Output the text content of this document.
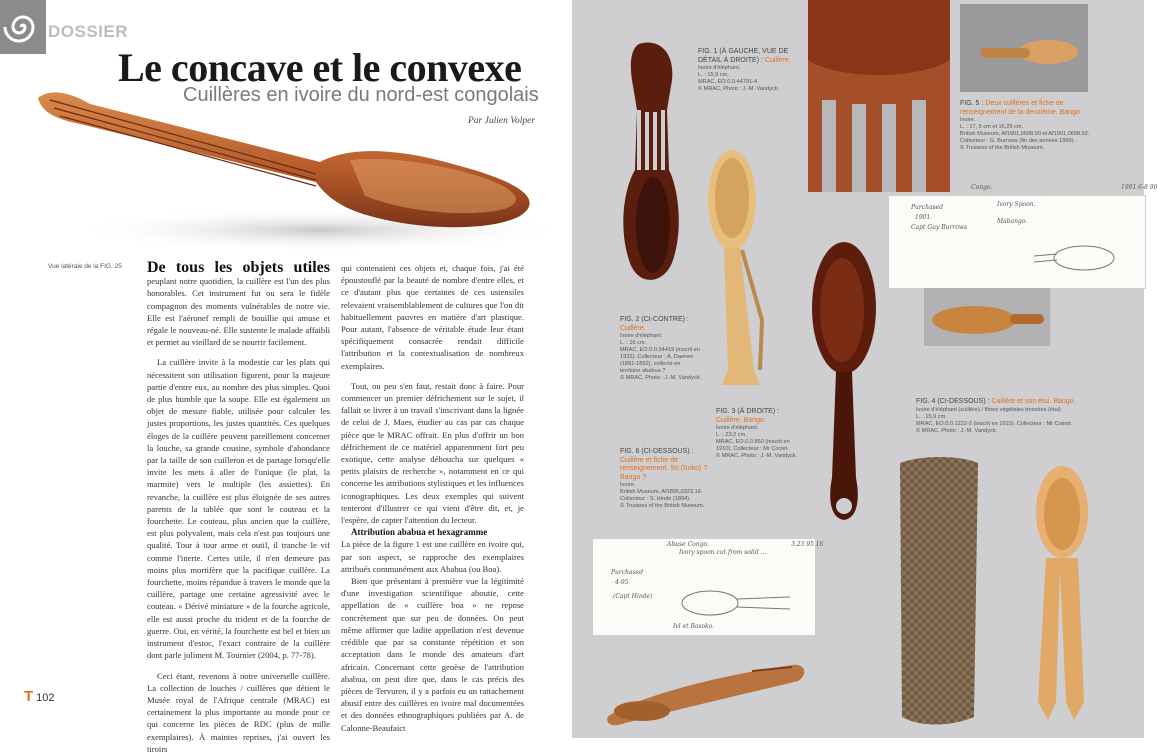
DOSSIER
Le concave et le convexe
Cuillères en ivoire du nord-est congolais
Par Julien Volper
Vue latérale de la FIG. 25 De tous les objets utiles peuplant notre quotidien, la cuillère est l'un des plus honorables. Cet instrument fut ou sera le fidèle compagnon des moments vulnérables de notre vie. Elle est l'aéronef rempli de bouillie qui amuse et régale le nouveau-né. Elle sustente le malade affaibli et permet au vieillard de se nourrir facilement.

La cuillère invite à la modestie car les plats qui nécessitent son utilisation figurent, pour la majeure partie d'entre eux, au nombre des plus simples. Quoi de plus humble que la soupe. Elle est également un objet de mesure fiable, utilisée pour calculer les justes proportions, les justes quantités. Ces quelques éloges de la cuillère peuvent pareillement concerner la louche, sa grande cousine, symbole d'abondance par la taille de son cuilleron et de partage lorsqu'elle invite les mets à aller de l'unique (le plat, la marmite) vers le multiple (les assiettes). En revanche, la cuillère est plus éloignée de ses autres parents de la tablée que sont le couteau et la fourchette. Le couteau, plus ancien que la cuillère, est plus polyvalent, mais cela n'est pas toujours une qualité. Tour à tour arme et outil, il tranche le vif comme l'inerte. Certes utile, il n'en demeure pas moins plus mortifère que la pacifique cuillère. La fourchette, moins répandue à travers le monde que la cuillère, partage une certaine agressivité avec le couteau. « Dérivé miniature » de la fourche agricole, elle est aussi proche du trident et de la fourche de guerre. Oui, en vérité, la fourchette est bel et bien un instrument d'estoc, l'exact contraire de la cuillère dont parle joliment M. Tournier (2004, p. 77-78).

Ceci étant, revenons à notre universelle cuillère. La collection de louches / cuillères que détient le Musée royal de l'Afrique centrale (MRAC) est certainement la plus importante au monde pour ce qui concerne les pièces de RDC (plus de mille exemplaires). À maintes reprises, j'ai ouvert les tiroirs

qui contenaient ces objets et, chaque fois, j'ai été époustouflé par la beauté de nombre d'entre elles, et ce d'autant plus que certaines de ces ustensiles relevaient vraisemblablement de cultures que l'on dit habituellement pauvres en matière d'art plastique. Pour autant, l'absence de véritable étude leur étant spécifiquement consacrée rendait difficile l'attribution et la contextualisation de nombreux exemplaires.

Tout, ou peu s'en faut, restait donc à faire. Pour commencer un premier défrichement sur le sujet, il fallait se livrer à un travail s'inscrivant dans la lignée de celui de J. Maes, étudier au cas par cas chaque pièce que le MRAC offrait. En plus d'offrir un bon défrichement de ce matériel apparemment fort peu exotique, cette analyse déboucha sur quelques « petits plaisirs de recherche », notamment en ce qui concerne les attributions stylistiques et les influences iconographiques. Les deux exemples qui suivent tenteront d'illustrer ce qui vient d'être dit, et, je l'espère, de capter l'attention du lecteur.

Attribution ababua et hexagramme

La pièce de la figure 1 est une cuillère en ivoire qui, par son aspect, se rapproche des exemplaires attribués communément aux Ababua (ou Boa).

Bien que présentant à première vue la légitimité d'une investigation scientifique aboutie, cette appellation de « cuillère boa » ne repose concrètement que sur peu de données. On peut même affirmer que ladite appellation n'est devenue crédible que par sa constante répétition et son acceptation dans le monde des amateurs d'art africain. Concernant cette genèse de l'attribution ababua, on peut dire que, dans le cas précis des pièces de Tervuren, il y a parfois eu un rattachement abusif entre des cuillères en ivoire mal documentées et des données ethnographiques publiées par A. de Calonne-Beaufaict

T 102
FIG. 1 (À GAUCHE, VUE DE DÉTAIL À DROITE) : Cuillère.
Ivoire d'éléphant.
L. : 15,9 cm.
MRAC, EO.0.0.44791-4
© MRAC, Photo : J.-M. Vandyck.
FIG. 5 : Deux cuillères et fiche de renseignement de la deuxième. Bango.
Ivoire.
L. : 17, 5 cm et 16,25 cm.
British Museum, Af1901,0608.90 et Af1901,0608.92.
Collecteur : G. Burrows (fin des années 1890).
© Trustees of the British Museum.
Congo.
Ivory Spoon.
Purchased
1901.
Capt Guy Burrows
Mabango.
1901 6-8 90
FIG. 2 (CI-CONTRE) :
Cuillère.
Ivoire d'éléphant.
L. : 16 cm.
MRAC, EO.0.0.34419 (inscrit en 1932). Collecteur : A. Daenen (1891-1892), collecté en territoire ababua ?
© MRAC, Photo : J.-M. Vandyck.
FIG. 3 (À DROITE) :
Cuillère. Bango.
Ivoire d'éléphant.
L. : 23,2 cm.
MRAC, EO.0.0.850 (inscrit en 1910). Collecteur : Mr Coclet.
© MRAC, Photo : J.-M. Vandyck.
FIG. 4 (CI-DESSOUS) : Cuillère et son étui. Bango.
Ivoire d'éléphant (cuillère) / fibres végétales tressées (étui).
L. : 15,9 cm.
MRAC, EO.0.0.1222-2 (inscrit en 1910). Collecteur : Mr Coinot.
© MRAC, Photo : J.-M. Vandyck.
FIG. 6 (CI-DESSOUS) :
Cuillère et fiche de renseignement. So (Soko) ? Bango ?
Ivoire.
British Museum, Af1895,0323.16.
Collecteur : S. Hinde (1894).
© Trustees of the British Museum.
Abuse Congo.
Ivory spoon cut from solid ...
Purchased
4-95
(Capt Hinde)
Ivl et Basoko.
3.23 95 16
